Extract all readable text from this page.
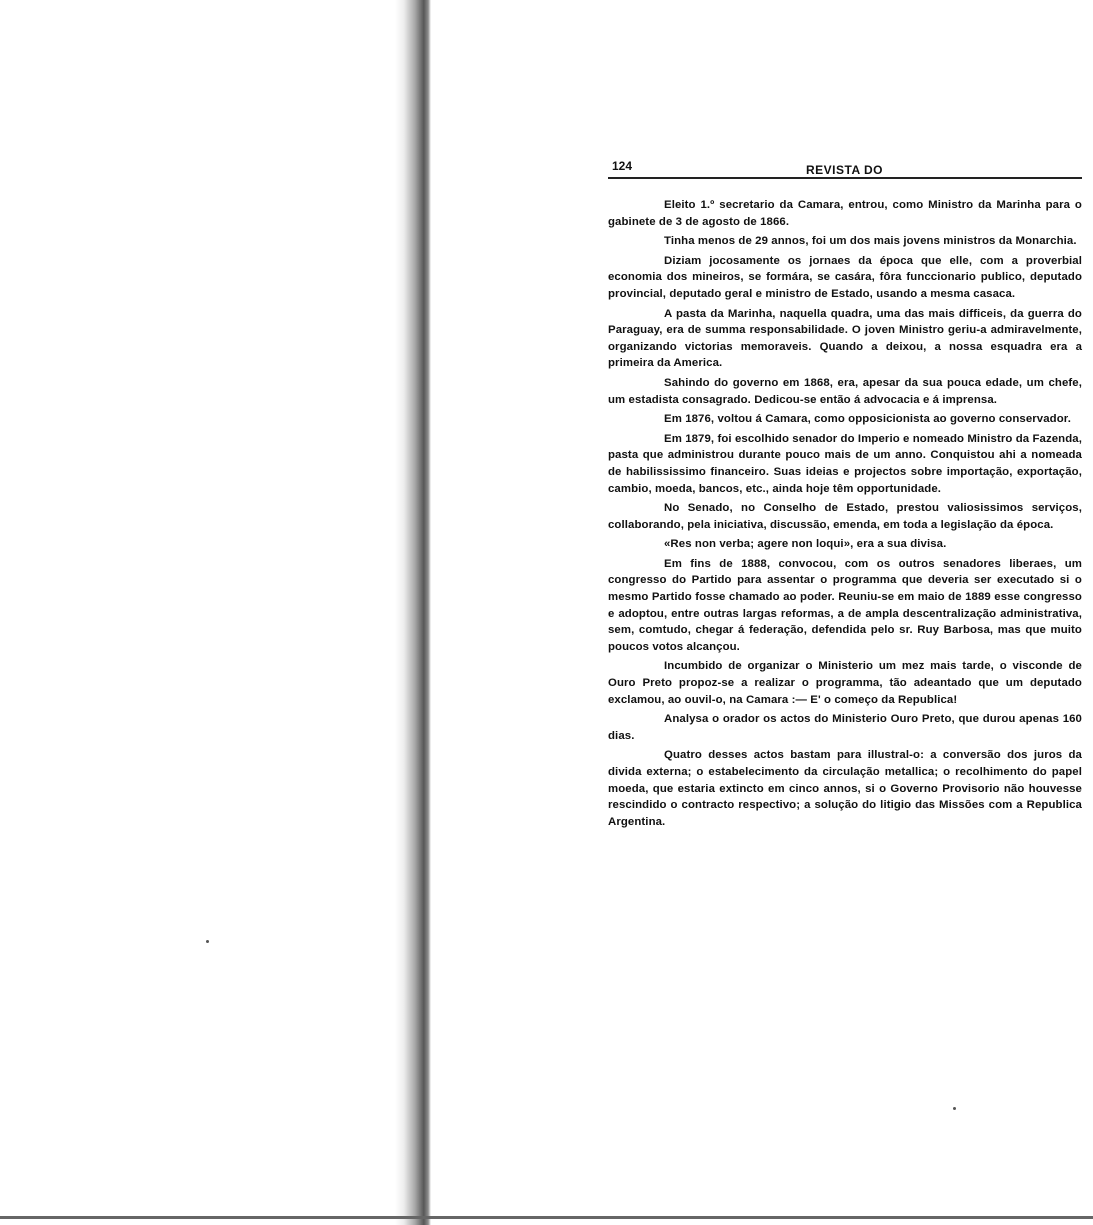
124	REVISTA DO

Eleito 1.º secretario da Camara, entrou, como Ministro da Marinha para o gabinete de 3 de agosto de 1866.

Tinha menos de 29 annos, foi um dos mais jovens ministros da Monarchia.

Diziam jocosamente os jornaes da época que elle, com a proverbial economia dos mineiros, se formára, se casára, fôra funccionario publico, deputado provincial, deputado geral e ministro de Estado, usando a mesma casaca.

A pasta da Marinha, naquella quadra, uma das mais difficeis, da guerra do Paraguay, era de summa responsabilidade. O joven Ministro geriu-a admiravelmente, organizando victorias memoraveis. Quando a deixou, a nossa esquadra era a primeira da America.

Sahindo do governo em 1868, era, apesar da sua pouca edade, um chefe, um estadista consagrado. Dedicou-se então á advocacia e á imprensa.

Em 1876, voltou á Camara, como opposicionista ao governo conservador.

Em 1879, foi escolhido senador do Imperio e nomeado Ministro da Fazenda, pasta que administrou durante pouco mais de um anno. Conquistou ahi a nomeada de habilississimo financeiro. Suas ideias e projectos sobre importação, exportação, cambio, moeda, bancos, etc., ainda hoje têm opportunidade.

No Senado, no Conselho de Estado, prestou valiosissimos serviços, collaborando, pela iniciativa, discussão, emenda, em toda a legislação da época.

«Res non verba; agere non loqui», era a sua divisa.

Em fins de 1888, convocou, com os outros senadores liberaes, um congresso do Partido para assentar o programma que deveria ser executado si o mesmo Partido fosse chamado ao poder. Reuniu-se em maio de 1889 esse congresso e adoptou, entre outras largas reformas, a de ampla descentralização administrativa, sem, comtudo, chegar á federação, defendida pelo sr. Ruy Barbosa, mas que muito poucos votos alcançou.

Incumbido de organizar o Ministerio um mez mais tarde, o visconde de Ouro Preto propoz-se a realizar o programma, tão adeantado que um deputado exclamou, ao ouvil-o, na Camara :— E' o começo da Republica!

Analysa o orador os actos do Ministerio Ouro Preto, que durou apenas 160 dias.

Quatro desses actos bastam para illustral-o: a conversão dos juros da divida externa; o estabelecimento da circulação metallica; o recolhimento do papel moeda, que estaria extincto em cinco annos, si o Governo Provisorio não houvesse rescindido o contracto respectivo; a solução do litigio das Missões com a Republica Argentina.
